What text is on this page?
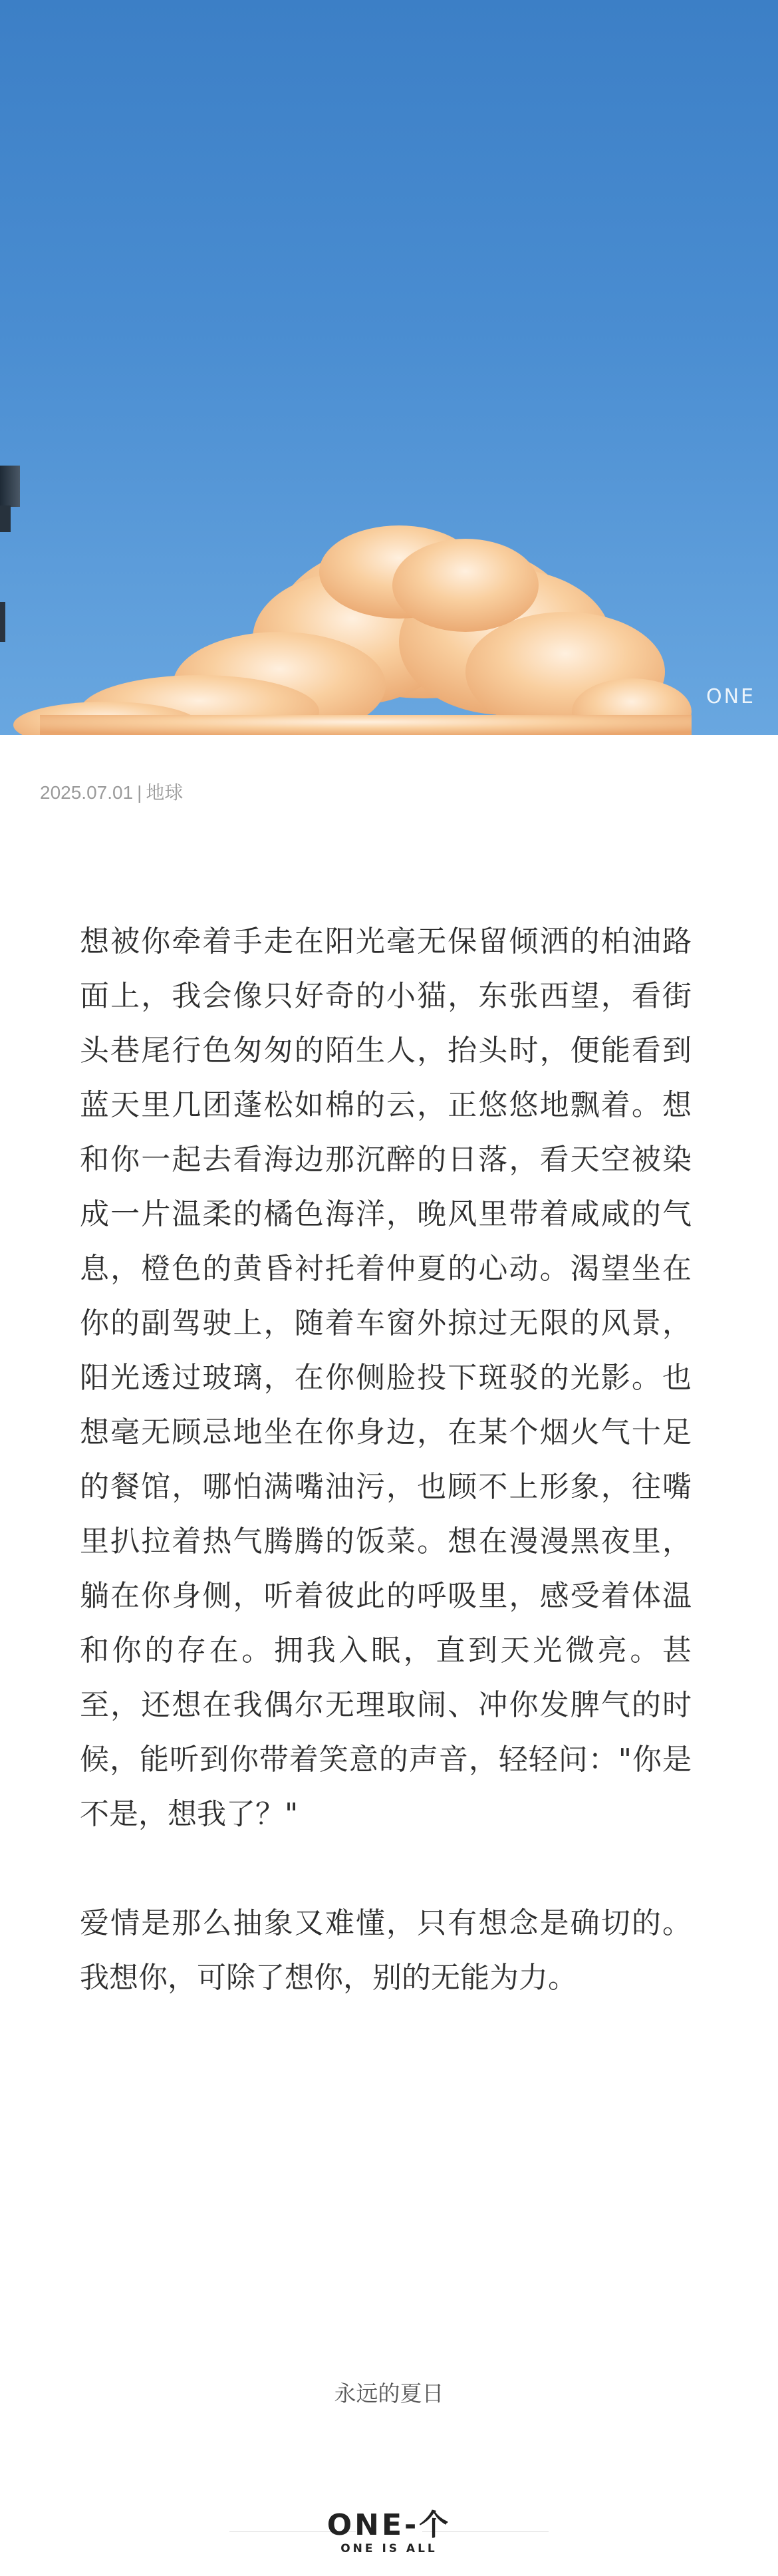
ONE
2025.07.01 | 地球

想被你牵着手走在阳光毫无保留倾洒的柏油路面上，我会像只好奇的小猫，东张西望，看街头巷尾行色匆匆的陌生人，抬头时，便能看到蓝天里几团蓬松如棉的云，正悠悠地飘着。想和你一起去看海边那沉醉的日落，看天空被染成一片温柔的橘色海洋，晚风里带着咸咸的气息，橙色的黄昏衬托着仲夏的心动。渴望坐在你的副驾驶上，随着车窗外掠过无限的风景，阳光透过玻璃，在你侧脸投下斑驳的光影。也想毫无顾忌地坐在你身边，在某个烟火气十足的餐馆，哪怕满嘴油污，也顾不上形象，往嘴里扒拉着热气腾腾的饭菜。想在漫漫黑夜里，躺在你身侧，听着彼此的呼吸里，感受着体温和你的存在。拥我入眠，直到天光微亮。甚至，还想在我偶尔无理取闹、冲你发脾气的时候，能听到你带着笑意的声音，轻轻问："你是不是，想我了？"

爱情是那么抽象又难懂，只有想念是确切的。我想你，可除了想你，别的无能为力。

永远的夏日
ONE-个
ONE IS ALL
